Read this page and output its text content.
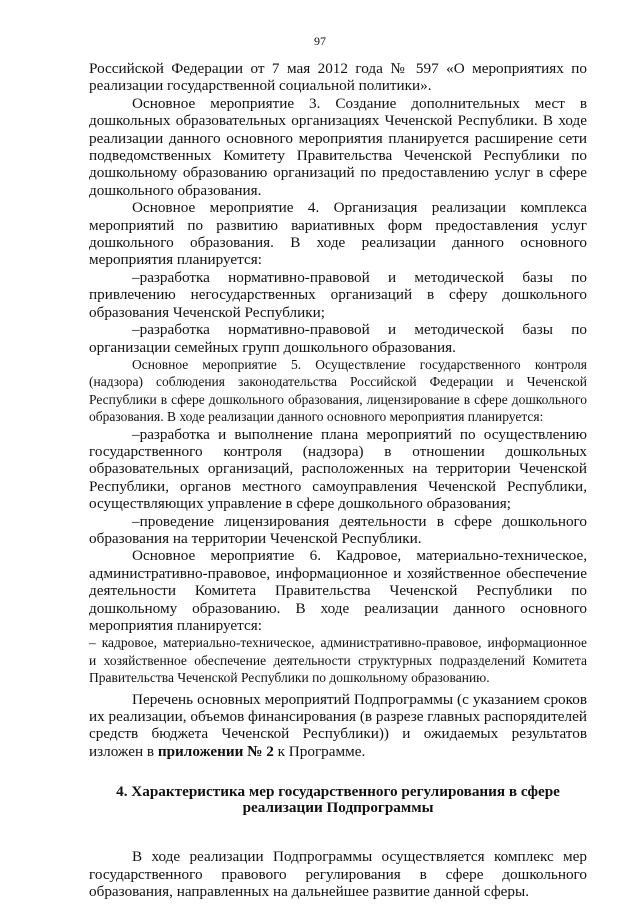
97

Российской Федерации от 7 мая 2012 года № 597 «О мероприятиях по реализации государственной социальной политики».

Основное мероприятие 3. Создание дополнительных мест в дошкольных образовательных организациях Чеченской Республики. В ходе реализации данного основного мероприятия планируется расширение сети подведомственных Комитету Правительства Чеченской Республики по дошкольному образованию организаций по предоставлению услуг в сфере дошкольного образования.

Основное мероприятие 4. Организация реализации комплекса мероприятий по развитию вариативных форм предоставления услуг дошкольного образования. В ходе реализации данного основного мероприятия планируется:

–разработка нормативно-правовой и методической базы по привлечению негосударственных организаций в сферу дошкольного образования Чеченской Республики;

–разработка нормативно-правовой и методической базы по организации семейных групп дошкольного образования.

Основное мероприятие 5. Осуществление государственного контроля (надзора) соблюдения законодательства Российской Федерации и Чеченской Республики в сфере дошкольного образования, лицензирование в сфере дошкольного образования. В ходе реализации данного основного мероприятия планируется:

–разработка и выполнение плана мероприятий по осуществлению государственного контроля (надзора) в отношении дошкольных образовательных организаций, расположенных на территории Чеченской Республики, органов местного самоуправления Чеченской Республики, осуществляющих управление в сфере дошкольного образования;

–проведение лицензирования деятельности в сфере дошкольного образования на территории Чеченской Республики.

Основное мероприятие 6. Кадровое, материально-техническое, административно-правовое, информационное и хозяйственное обеспечение деятельности Комитета Правительства Чеченской Республики по дошкольному образованию. В ходе реализации данного основного мероприятия планируется:

– кадровое, материально-техническое, административно-правовое, информационное и хозяйственное обеспечение деятельности структурных подразделений Комитета Правительства Чеченской Республики по дошкольному образованию.

Перечень основных мероприятий Подпрограммы (с указанием сроков их реализации, объемов финансирования (в разрезе главных распорядителей средств бюджета Чеченской Республики)) и ожидаемых результатов изложен в приложении № 2 к Программе.

4. Характеристика мер государственного регулирования в сфере реализации Подпрограммы

В ходе реализации Подпрограммы осуществляется комплекс мер государственного правового регулирования в сфере дошкольного образования, направленных на дальнейшее развитие данной сферы.
